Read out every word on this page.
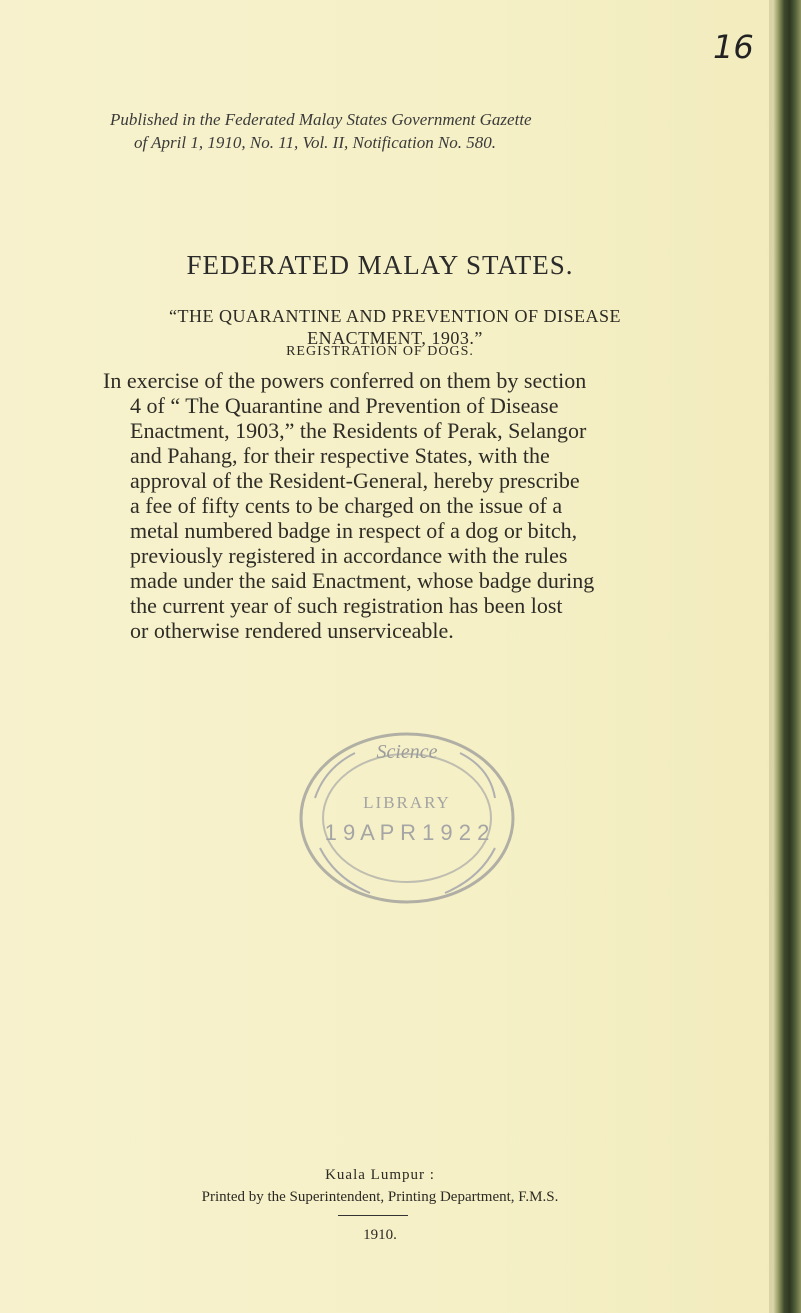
16
Published in the Federated Malay States Government Gazette
of April 1, 1910, No. 11, Vol. II, Notification No. 580.
FEDERATED MALAY STATES.
“THE QUARANTINE AND PREVENTION OF DISEASE
ENACTMENT, 1903.”
REGISTRATION OF DOGS.
In exercise of the powers conferred on them by section
4 of “ The Quarantine and Prevention of Disease
Enactment, 1903,” the Residents of Perak, Selangor
and Pahang, for their respective States, with the
approval of the Resident-General, hereby prescribe
a fee of fifty cents to be charged on the issue of a
metal numbered badge in respect of a dog or bitch,
previously registered in accordance with the rules
made under the said Enactment, whose badge during
the current year of such registration has been lost
or otherwise rendered unserviceable.
Science
LIBRARY
1 9 A P R 1 9 2 2
Kuala Lumpur :
Printed by the Superintendent, Printing Department, F.M.S.
1910.
